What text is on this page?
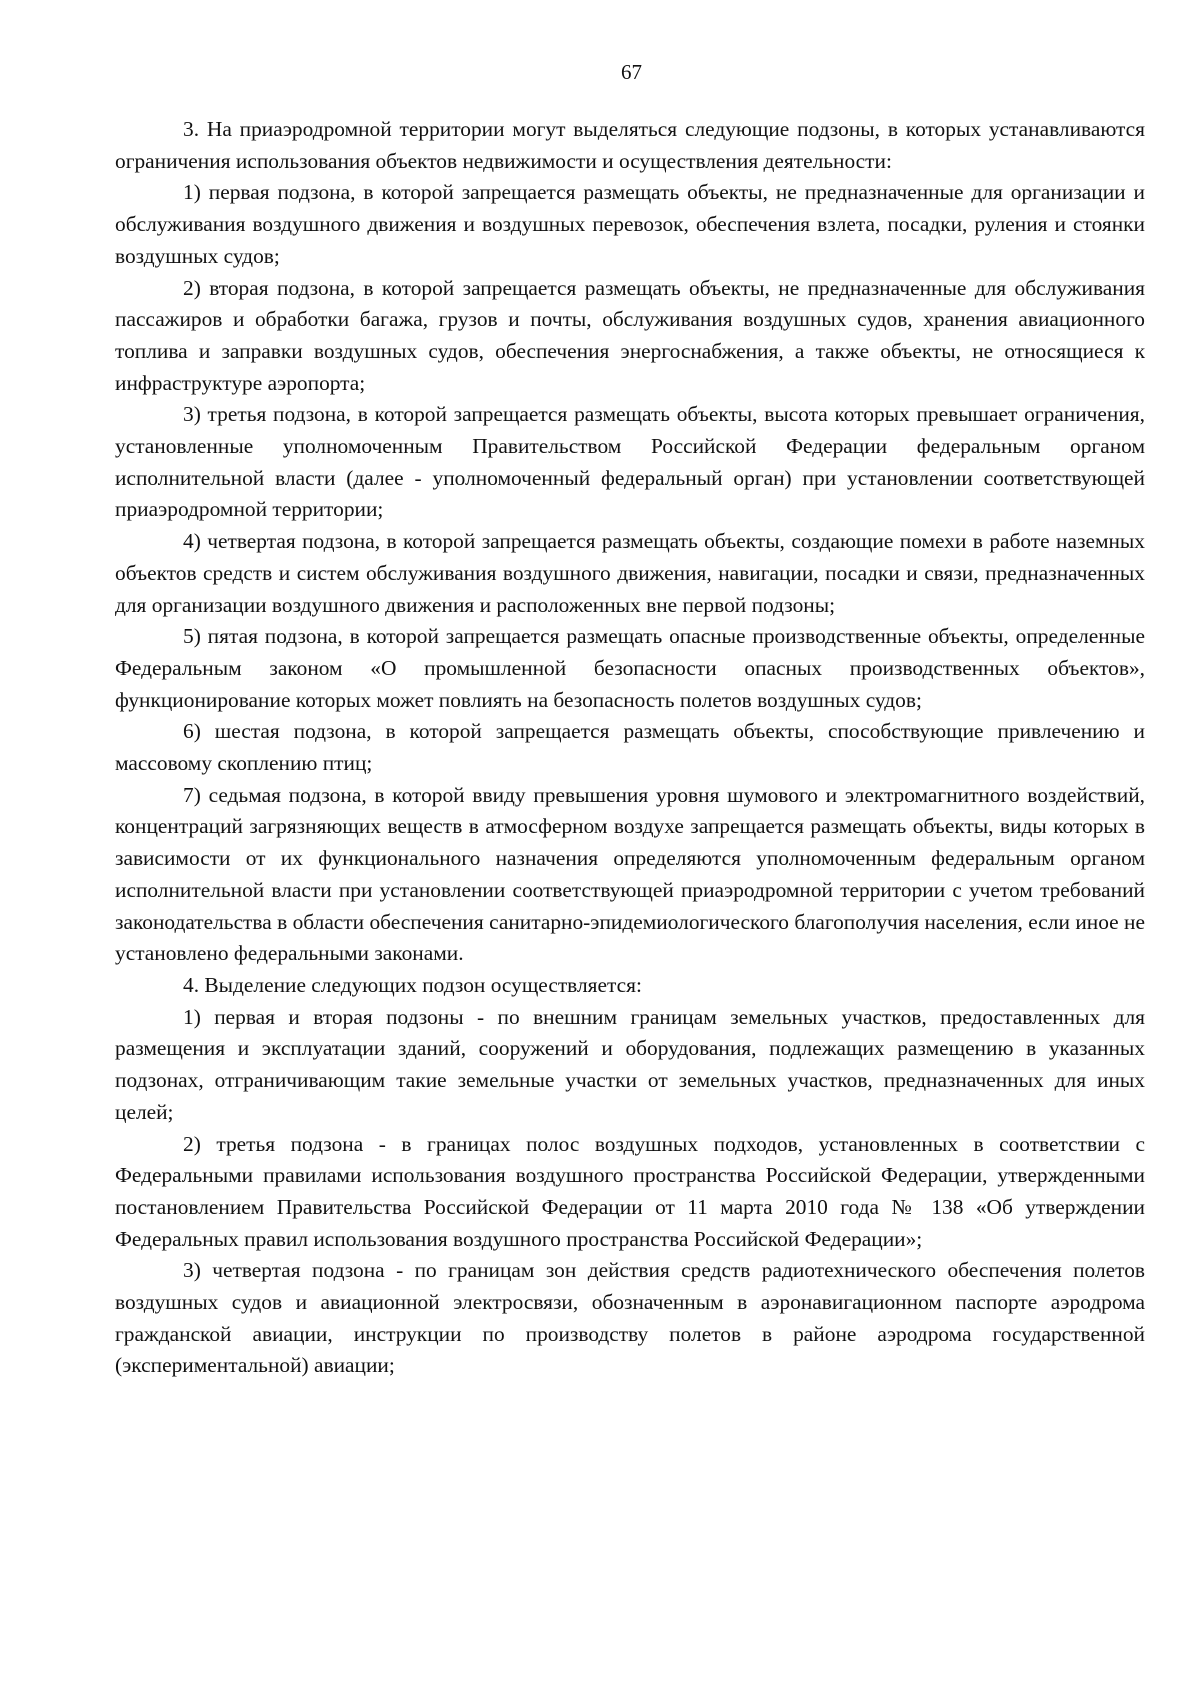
67

3. На приаэродромной территории могут выделяться следующие подзоны, в которых устанавливаются ограничения использования объектов недвижимости и осуществления деятельности:

1) первая подзона, в которой запрещается размещать объекты, не предназначенные для организации и обслуживания воздушного движения и воздушных перевозок, обеспечения взлета, посадки, руления и стоянки воздушных судов;

2) вторая подзона, в которой запрещается размещать объекты, не предназначенные для обслуживания пассажиров и обработки багажа, грузов и почты, обслуживания воздушных судов, хранения авиационного топлива и заправки воздушных судов, обеспечения энергоснабжения, а также объекты, не относящиеся к инфраструктуре аэропорта;

3) третья подзона, в которой запрещается размещать объекты, высота которых превышает ограничения, установленные уполномоченным Правительством Российской Федерации федеральным органом исполнительной власти (далее - уполномоченный федеральный орган) при установлении соответствующей приаэродромной территории;

4) четвертая подзона, в которой запрещается размещать объекты, создающие помехи в работе наземных объектов средств и систем обслуживания воздушного движения, навигации, посадки и связи, предназначенных для организации воздушного движения и расположенных вне первой подзоны;

5) пятая подзона, в которой запрещается размещать опасные производственные объекты, определенные Федеральным законом «О промышленной безопасности опасных производственных объектов», функционирование которых может повлиять на безопасность полетов воздушных судов;

6) шестая подзона, в которой запрещается размещать объекты, способствующие привлечению и массовому скоплению птиц;

7) седьмая подзона, в которой ввиду превышения уровня шумового и электромагнитного воздействий, концентраций загрязняющих веществ в атмосферном воздухе запрещается размещать объекты, виды которых в зависимости от их функционального назначения определяются уполномоченным федеральным органом исполнительной власти при установлении соответствующей приаэродромной территории с учетом требований законодательства в области обеспечения санитарно-эпидемиологического благополучия населения, если иное не установлено федеральными законами.

4. Выделение следующих подзон осуществляется:

1) первая и вторая подзоны - по внешним границам земельных участков, предоставленных для размещения и эксплуатации зданий, сооружений и оборудования, подлежащих размещению в указанных подзонах, отграничивающим такие земельные участки от земельных участков, предназначенных для иных целей;

2) третья подзона - в границах полос воздушных подходов, установленных в соответствии с Федеральными правилами использования воздушного пространства Российской Федерации, утвержденными постановлением Правительства Российской Федерации от 11 марта 2010 года № 138 «Об утверждении Федеральных правил использования воздушного пространства Российской Федерации»;

3) четвертая подзона - по границам зон действия средств радиотехнического обеспечения полетов воздушных судов и авиационной электросвязи, обозначенным в аэронавигационном паспорте аэродрома гражданской авиации, инструкции по производству полетов в районе аэродрома государственной (экспериментальной) авиации;
